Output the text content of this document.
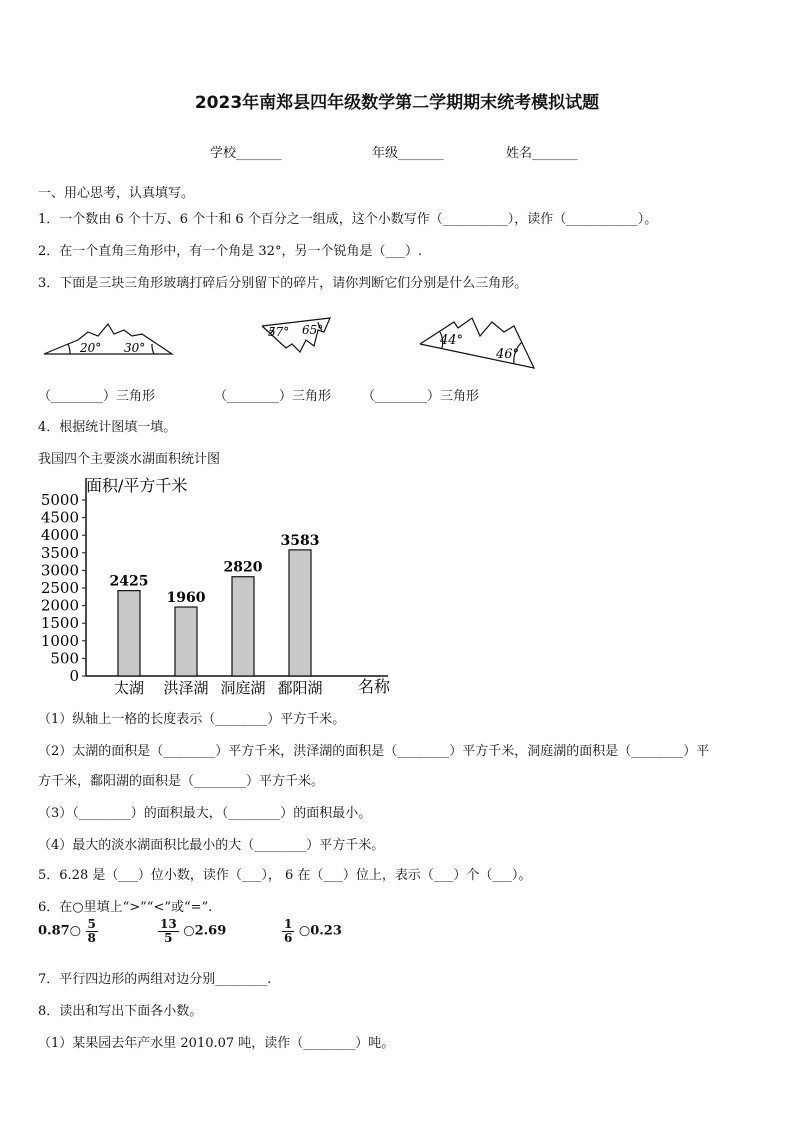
2023年南郑县四年级数学第二学期期末统考模拟试题
学校_______	年级_______	姓名_______
一、用心思考，认真填写。
1．一个数由 6 个十万、6 个十和 6 个百分之一组成，这个小数写作（__________），读作（___________）。
2．在一个直角三角形中，有一个角是 32°，另一个锐角是（___）.
3．下面是三块三角形玻璃打碎后分别留下的碎片，请你判断它们分别是什么三角形。
20° 30°
57° 65°
44°
46°
（________）三角形	（________）三角形 （________）三角形
4．根据统计图填一填。
我国四个主要淡水湖面积统计图
面积/平方千米
名称
0
500
1000
1500
2000
2500
3000
3500
4000
4500
5000
2425
太湖
1960
洪泽湖
2820
洞庭湖
3583
鄱阳湖
（1）纵轴上一格的长度表示（________）平方千米。
（2）太湖的面积是（________）平方千米，洪泽湖的面积是（________）平方千米，洞庭湖的面积是（________）平
方千米，鄱阳湖的面积是（________）平方千米。
（3）（________）的面积最大，（________）的面积最小。
（4）最大的淡水湖面积比最小的大（________）平方千米。
5．6.28 是（___）位小数，读作（___）， 6 在（___）位上，表示（___）个（___）。
6．在○里填上“>”“<”或“=”.
0.87○ $\frac{5}{8}$	$\frac{13}{5}$ ○2.69	$\frac{1}{6}$ ○0.23
7．平行四边形的两组对边分别________.
8．读出和写出下面各小数。
（1）某果园去年产水里 2010.07 吨，读作（________）吨。
